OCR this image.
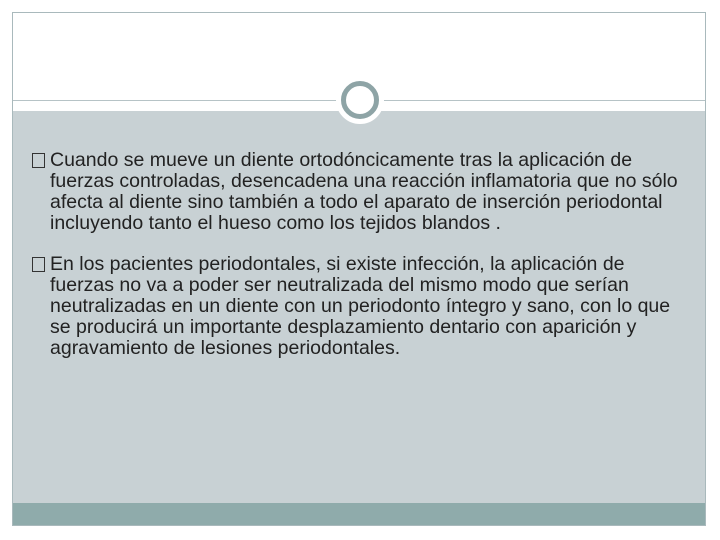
Cuando se mueve un diente ortodóncicamente tras la aplicación de fuerzas controladas, desencadena una reacción inflamatoria que no sólo afecta al diente sino también a todo el aparato de inserción periodontal incluyendo tanto el hueso como los tejidos blandos .
En los pacientes periodontales, si existe infección, la aplicación de fuerzas no va a poder ser neutralizada del mismo modo que serían neutralizadas en un diente con un periodonto íntegro y sano, con lo que se producirá un importante desplazamiento dentario con aparición y agravamiento de lesiones periodontales.
